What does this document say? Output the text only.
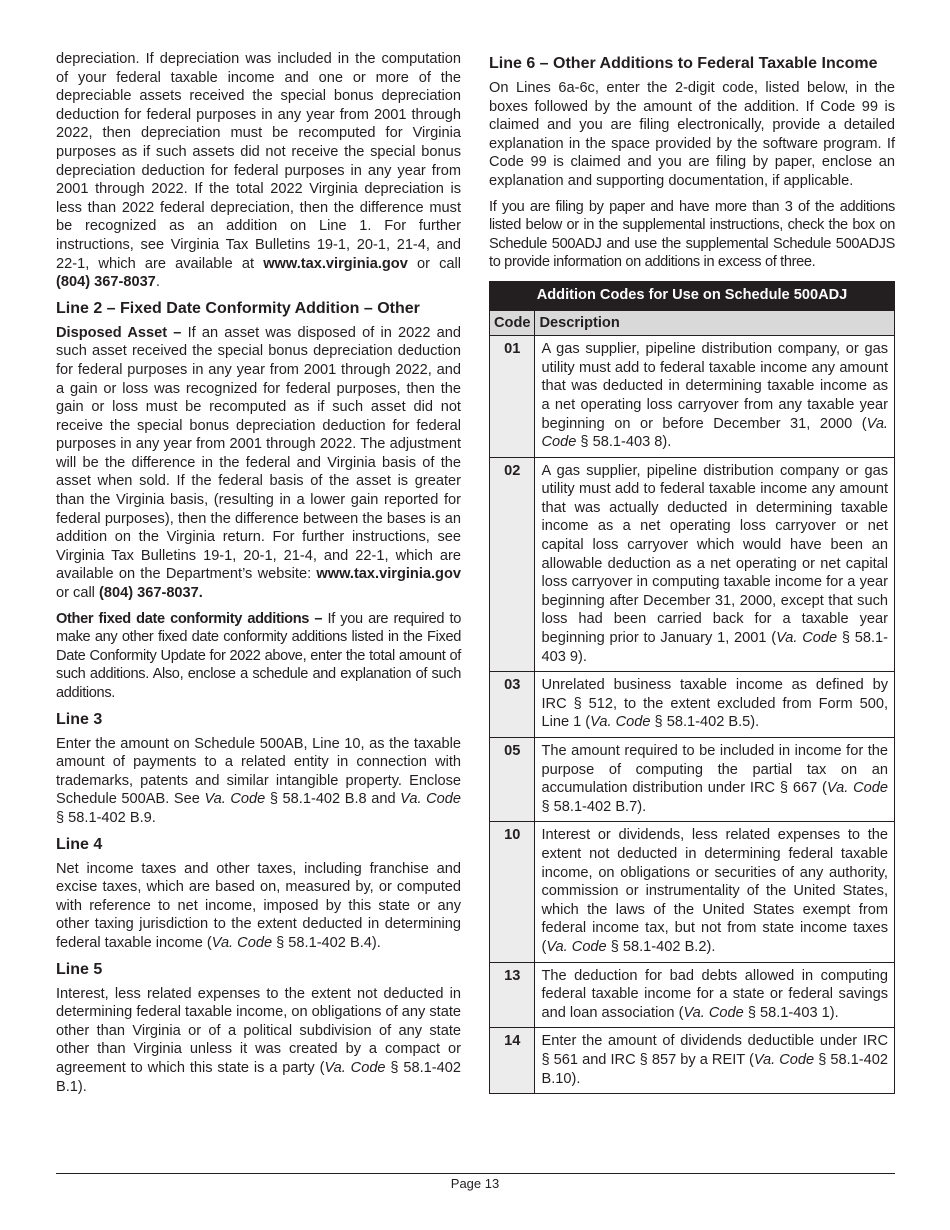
depreciation. If depreciation was included in the computation of your federal taxable income and one or more of the depreciable assets received the special bonus depreciation deduction for federal purposes in any year from 2001 through 2022, then depreciation must be recomputed for Virginia purposes as if such assets did not receive the special bonus depreciation deduction for federal purposes in any year from 2001 through 2022. If the total 2022 Virginia depreciation is less than 2022 federal depreciation, then the difference must be recognized as an addition on Line 1. For further instructions, see Virginia Tax Bulletins 19-1, 20-1, 21-4, and 22-1, which are available at www.tax.virginia.gov or call (804) 367-8037.

Line 2 – Fixed Date Conformity Addition – Other

Disposed Asset – If an asset was disposed of in 2022 and such asset received the special bonus depreciation deduction for federal purposes in any year from 2001 through 2022, and a gain or loss was recognized for federal purposes, then the gain or loss must be recomputed as if such asset did not receive the special bonus depreciation deduction for federal purposes in any year from 2001 through 2022. The adjustment will be the difference in the federal and Virginia basis of the asset when sold. If the federal basis of the asset is greater than the Virginia basis, (resulting in a lower gain reported for federal purposes), then the difference between the bases is an addition on the Virginia return. For further instructions, see Virginia Tax Bulletins 19-1, 20-1, 21-4, and 22-1, which are available on the Department’s website: www.tax.virginia.gov or call (804) 367-8037.

Other fixed date conformity additions – If you are required to make any other fixed date conformity additions listed in the Fixed Date Conformity Update for 2022 above, enter the total amount of such additions. Also, enclose a schedule and explanation of such additions.

Line 3

Enter the amount on Schedule 500AB, Line 10, as the taxable amount of payments to a related entity in connection with trademarks, patents and similar intangible property. Enclose Schedule 500AB. See Va. Code § 58.1-402 B.8 and Va. Code § 58.1-402 B.9.

Line 4

Net income taxes and other taxes, including franchise and excise taxes, which are based on, measured by, or computed with reference to net income, imposed by this state or any other taxing jurisdiction to the extent deducted in determining federal taxable income (Va. Code § 58.1-402 B.4).

Line 5

Interest, less related expenses to the extent not deducted in determining federal taxable income, on obligations of any state other than Virginia or of a political subdivision of any state other than Virginia unless it was created by a compact or agreement to which this state is a party (Va. Code § 58.1-402 B.1).

Line 6 – Other Additions to Federal Taxable Income

On Lines 6a-6c, enter the 2-digit code, listed below, in the boxes followed by the amount of the addition. If Code 99 is claimed and you are filing electronically, provide a detailed explanation in the space provided by the software program. If Code 99 is claimed and you are filing by paper, enclose an explanation and supporting documentation, if applicable.

If you are filing by paper and have more than 3 of the additions listed below or in the supplemental instructions, check the box on Schedule 500ADJ and use the supplemental Schedule 500ADJS to provide information on additions in excess of three.

Addition Codes for Use on Schedule 500ADJ	
Code	Description
01	A gas supplier, pipeline distribution company, or gas utility must add to federal taxable income any amount that was deducted in determining taxable income as a net operating loss carryover from any taxable year beginning on or before December 31, 2000 (Va. Code § 58.1-403 8).
02	A gas supplier, pipeline distribution company or gas utility must add to federal taxable income any amount that was actually deducted in determining taxable income as a net operating loss carryover or net capital loss carryover which would have been an allowable deduction as a net operating or net capital loss carryover in computing taxable income for a year beginning after December 31, 2000, except that such loss had been carried back for a taxable year beginning prior to January 1, 2001 (Va. Code § 58.1-403 9).
03	Unrelated business taxable income as defined by IRC § 512, to the extent excluded from Form 500, Line 1 (Va. Code § 58.1-402 B.5).
05	The amount required to be included in income for the purpose of computing the partial tax on an accumulation distribution under IRC § 667 (Va. Code § 58.1-402 B.7).
10	Interest or dividends, less related expenses to the extent not deducted in determining federal taxable income, on obligations or securities of any authority, commission or instrumentality of the United States, which the laws of the United States exempt from federal income tax, but not from state income taxes (Va. Code § 58.1-402 B.2).
13	The deduction for bad debts allowed in computing federal taxable income for a state or federal savings and loan association (Va. Code § 58.1-403 1).
14	Enter the amount of dividends deductible under IRC § 561 and IRC § 857 by a REIT (Va. Code § 58.1-402 B.10).
Page 13
